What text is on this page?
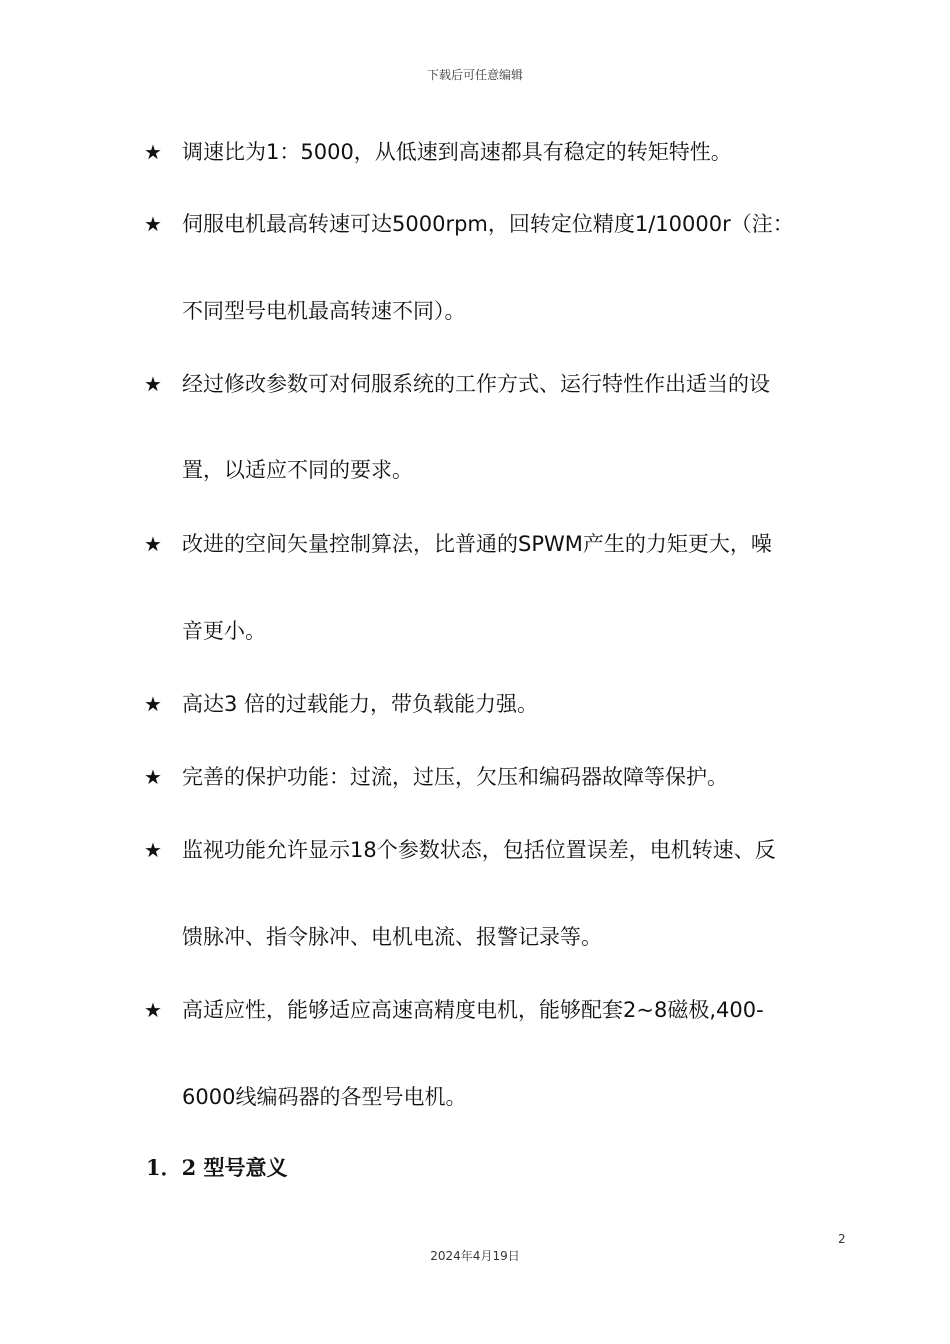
下载后可任意编辑
★ 调速比为1：5000，从低速到高速都具有稳定的转矩特性。
★ 伺服电机最高转速可达5000rpm，回转定位精度1/10000r（注：
不同型号电机最高转速不同）。
★ 经过修改参数可对伺服系统的工作方式、运行特性作出适当的设
置，以适应不同的要求。
★ 改进的空间矢量控制算法，比普通的SPWM产生的力矩更大，噪
音更小。
★ 高达3 倍的过载能力，带负载能力强。
★ 完善的保护功能：过流，过压，欠压和编码器故障等保护。
★ 监视功能允许显示18个参数状态，包括位置误差，电机转速、反
馈脉冲、指令脉冲、电机电流、报警记录等。
★ 高适应性，能够适应高速高精度电机，能够配套2~8磁极,400-
6000线编码器的各型号电机。
1．2 型号意义
2
2024年4月19日
